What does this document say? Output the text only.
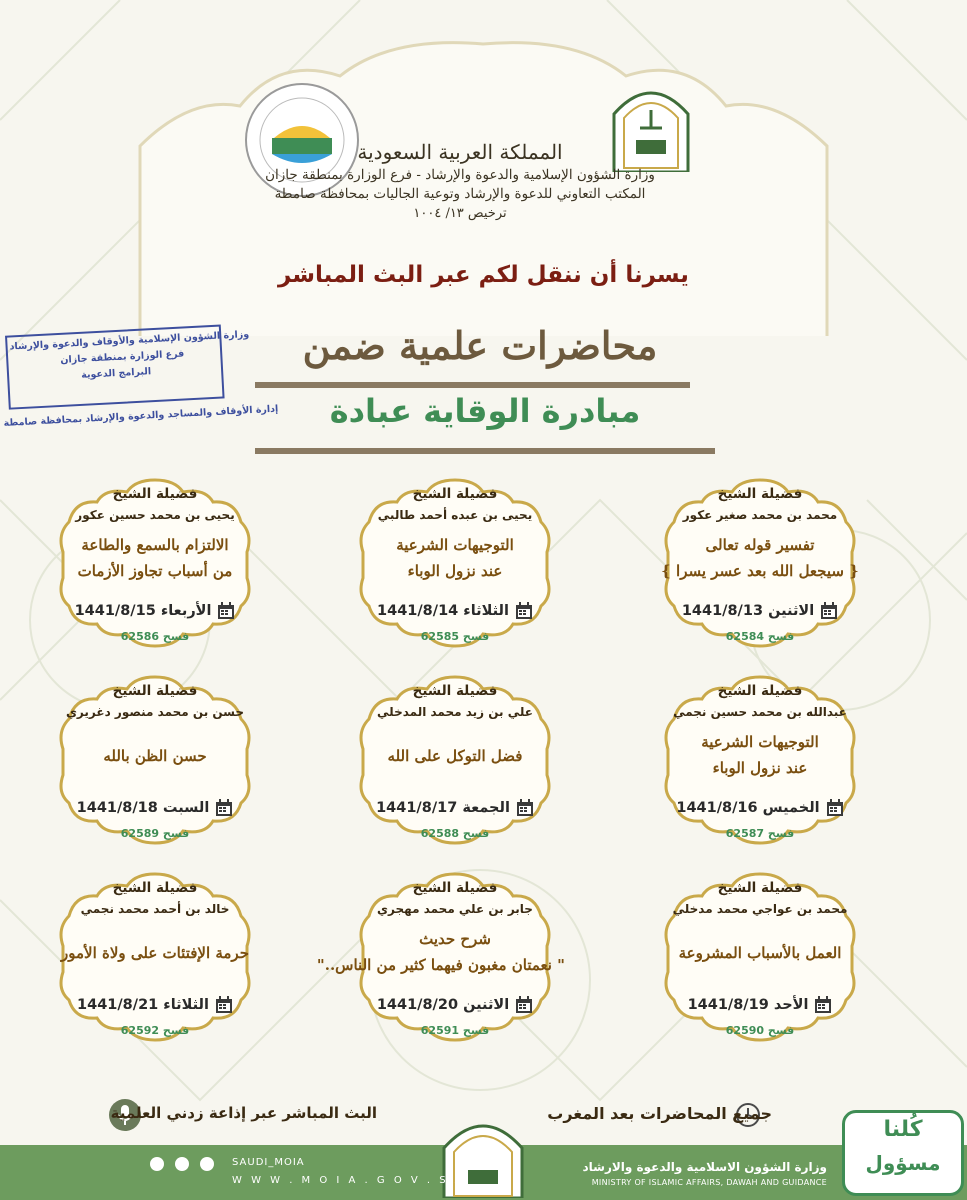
المملكة العربية السعودية
وزارة الشؤون الإسلامية والدعوة والإرشاد - فرع الوزارة بمنطقة جازان
المكتب التعاوني للدعوة والإرشاد وتوعية الجاليات بمحافظة صامطة
ترخيص ١٣/ ١٠٠٤
يسرنا أن ننقل لكم عبر البث المباشر
محاضرات علمية ضمن
مبادرة الوقاية عبادة
وزارة الشؤون الإسلامية والأوقاف والدعوة والإرشاد
فرع الوزارة بمنطقة جازان
البرامج الدعوية
إدارة الأوقاف والمساجد والدعوة والإرشاد بمحافظة صامطة
فضيلة الشيخ
محمد بن محمد صغير عكور
تفسير قوله تعالى
{ سيجعل الله بعد عسر يسرا }
الاثنين 1441/8/13
فسح 62584
فضيلة الشيخ
يحيى بن عبده أحمد طالبي
التوجيهات الشرعية
عند نزول الوباء
الثلاثاء 1441/8/14
فسح 62585
فضيلة الشيخ
يحيى بن محمد حسين عكور
الالتزام بالسمع والطاعة
من أسباب تجاوز الأزمات
الأربعاء 1441/8/15
فسح 62586
فضيلة الشيخ
عبدالله بن محمد حسين نجمي
التوجيهات الشرعية
عند نزول الوباء
الخميس 1441/8/16
فسح 62587
فضيلة الشيخ
علي بن زيد محمد المدخلي
فضل التوكل على الله
الجمعة 1441/8/17
فسح 62588
فضيلة الشيخ
حسن بن محمد منصور دغريري
حسن الظن بالله
السبت 1441/8/18
فسح 62589
فضيلة الشيخ
محمد بن عواجي محمد مدخلي
العمل بالأسباب المشروعة
الأحد 1441/8/19
فسح 62590
فضيلة الشيخ
جابر بن علي محمد مهجري
شرح حديث
" نعمتان مغبون فيهما كثير من الناس.."
الاثنين 1441/8/20
فسح 62591
فضيلة الشيخ
خالد بن أحمد محمد نجمي
حرمة الإفتئات على ولاة الأمور
الثلاثاء 1441/8/21
فسح 62592
جميع المحاضرات بعد المغرب
البث المباشر عبر إذاعة زدني العلمية
وزارة الشؤون الاسلامية والدعوة والارشاد
MINISTRY OF ISLAMIC AFFAIRS, DAWAH AND GUIDANCE

SAUDI_MOIA
W W W . M O I A . G O V . S A
كُلنا
مسؤول
